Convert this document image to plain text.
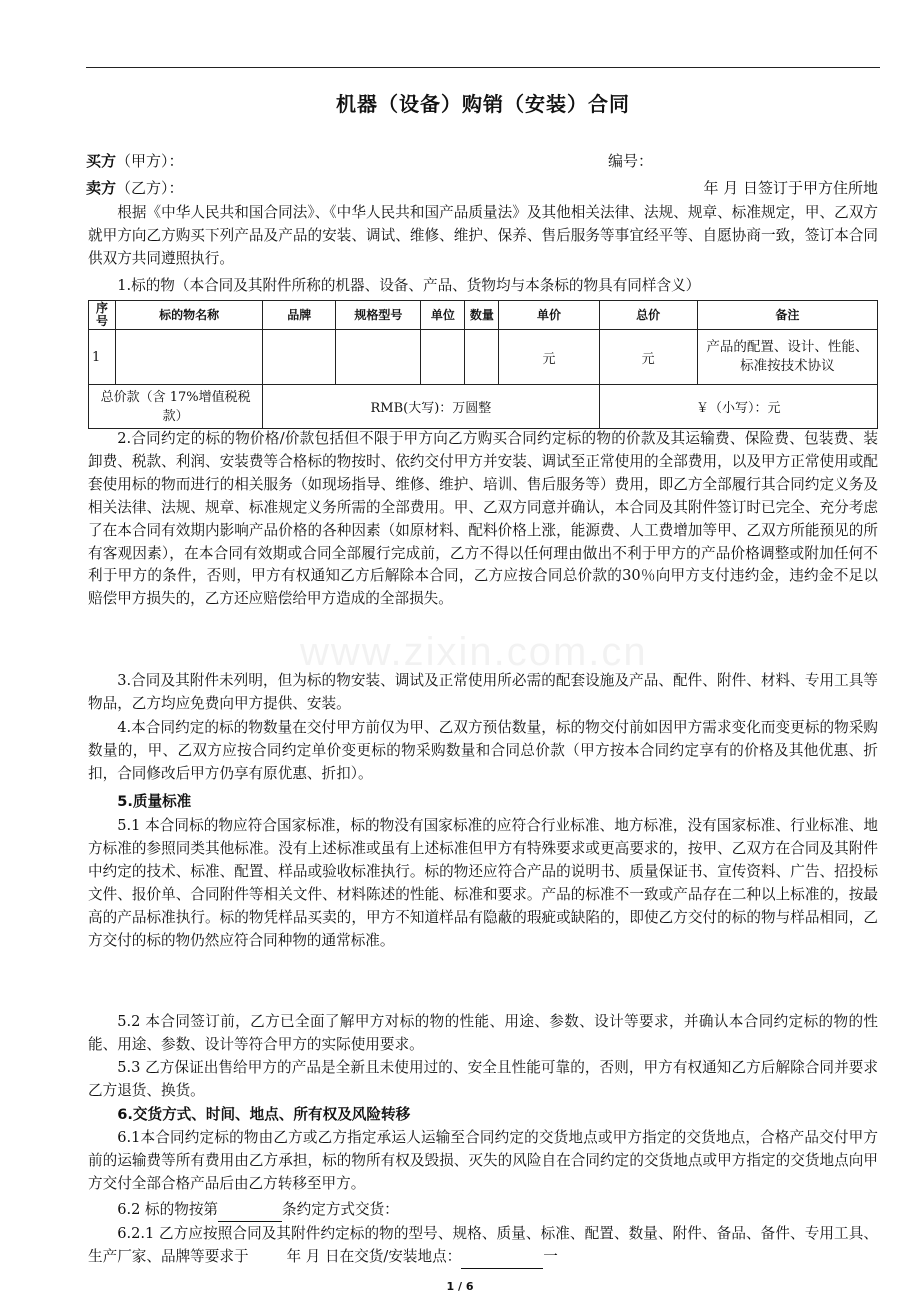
www.zixin.com.cn
机器（设备）购销（安装）合同
买方（甲方）：	编号：
卖方（乙方）：	年 月 日签订于甲方住所地
根据《中华人民共和国合同法》、《中华人民共和国产品质量法》及其他相关法律、法规、规章、标准规定，甲、乙双方就甲方向乙方购买下列产品及产品的安装、调试、维修、维护、保养、售后服务等事宜经平等、自愿协商一致，签订本合同供双方共同遵照执行。
1.标的物（本合同及其附件所称的机器、设备、产品、货物均与本条标的物具有同样含义）
序号	标的物名称	品牌	规格型号	单位	数量	单价	总价	备注
1						元	元	产品的配置、设计、性能、标准按技术协议
总价款（含 17%增值税税款）		RMB(大写)：万圆整					￥（小写）：元	
2.合同约定的标的物价格/价款包括但不限于甲方向乙方购买合同约定标的物的价款及其运输费、保险费、包装费、装卸费、税款、利润、安装费等合格标的物按时、依约交付甲方并安装、调试至正常使用的全部费用，以及甲方正常使用或配套使用标的物而进行的相关服务（如现场指导、维修、维护、培训、售后服务等）费用，即乙方全部履行其合同约定义务及相关法律、法规、规章、标准规定义务所需的全部费用。甲、乙双方同意并确认，本合同及其附件签订时已完全、充分考虑了在本合同有效期内影响产品价格的各种因素（如原材料、配料价格上涨，能源费、人工费增加等甲、乙双方所能预见的所有客观因素），在本合同有效期或合同全部履行完成前，乙方不得以任何理由做出不利于甲方的产品价格调整或附加任何不利于甲方的条件，否则，甲方有权通知乙方后解除本合同，乙方应按合同总价款的30％向甲方支付违约金，违约金不足以赔偿甲方损失的，乙方还应赔偿给甲方造成的全部损失。
3.合同及其附件未列明，但为标的物安装、调试及正常使用所必需的配套设施及产品、配件、附件、材料、专用工具等物品，乙方均应免费向甲方提供、安装。
4.本合同约定的标的物数量在交付甲方前仅为甲、乙双方预估数量，标的物交付前如因甲方需求变化而变更标的物采购数量的，甲、乙双方应按合同约定单价变更标的物采购数量和合同总价款（甲方按本合同约定享有的价格及其他优惠、折扣，合同修改后甲方仍享有原优惠、折扣）。
5.质量标准
5.1 本合同标的物应符合国家标准，标的物没有国家标准的应符合行业标准、地方标准，没有国家标准、行业标准、地方标准的参照同类其他标准。没有上述标准或虽有上述标准但甲方有特殊要求或更高要求的，按甲、乙双方在合同及其附件中约定的技术、标准、配置、样品或验收标准执行。标的物还应符合产品的说明书、质量保证书、宣传资料、广告、招投标文件、报价单、合同附件等相关文件、材料陈述的性能、标准和要求。产品的标准不一致或产品存在二种以上标准的，按最高的产品标准执行。标的物凭样品买卖的，甲方不知道样品有隐蔽的瑕疵或缺陷的，即使乙方交付的标的物与样品相同，乙方交付的标的物仍然应符合同种物的通常标准。
5.2 本合同签订前，乙方已全面了解甲方对标的物的性能、用途、参数、设计等要求，并确认本合同约定标的物的性能、用途、参数、设计等符合甲方的实际使用要求。
5.3 乙方保证出售给甲方的产品是全新且未使用过的、安全且性能可靠的，否则，甲方有权通知乙方后解除合同并要求乙方退货、换货。
6.交货方式、时间、地点、所有权及风险转移
6.1本合同约定标的物由乙方或乙方指定承运人运输至合同约定的交货地点或甲方指定的交货地点，合格产品交付甲方前的运输费等所有费用由乙方承担，标的物所有权及毁损、灭失的风险自在合同约定的交货地点或甲方指定的交货地点向甲方交付全部合格产品后由乙方转移至甲方。
6.2 标的物按第	条约定方式交货：
6.2.1 乙方应按照合同及其附件约定标的物的型号、规格、质量、标准、配置、数量、附件、备品、备件、专用工具、生产厂家、品牌等要求于	年 月 日在交货/安装地点：	一
1 / 6
